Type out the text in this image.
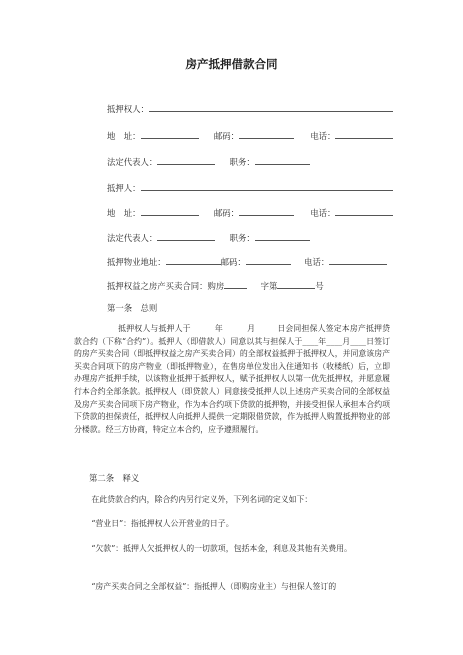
房产抵押借款合同
抵押权人：
地　址：	邮码：	电话：
法定代表人：	职务：
抵押人：
地　址：	邮码：	电话：
法定代表人：	职务：
抵押物业地址：	邮码：	电话：
抵押权益之房产买卖合同：购房	字第	号
第一条　总则

抵押权人与抵押人于	年	月	日会同担保人签定本房产抵押贷款合约（下称“合约”）。抵押人（即借款人）同意以其与担保人于____年____月____日签订的房产买卖合同（即抵押权益之房产买卖合同）的全部权益抵押于抵押权人，并同意该房产买卖合同项下的房产物业（即抵押物业），在售房单位发出入住通知书（收楼纸）后，立即办理房产抵押手续，以该物业抵押于抵押权人，赋予抵押权人以第一优先抵押权，并愿意履行本合约全部条款。抵押权人（即贷款人）同意接受抵押人以上述房产买卖合同的全部权益及房产买卖合同项下房产物业，作为本合约项下贷款的抵押物，并接受担保人承担本合约项下贷款的担保责任，抵押权人向抵押人提供一定期限借贷款，作为抵押人购置抵押物业的部分楼款。经三方协商，特定立本合约，应予遵照履行。

第二条　释义

在此贷款合约内，除合约内另行定义外，下列名词的定义如下：

“营业日”：指抵押权人公开营业的日子。

“欠款”：抵押人欠抵押权人的一切款项，包括本金，利息及其他有关费用。

“房产买卖合同之全部权益”：指抵押人（即购房业主）与担保人签订的
